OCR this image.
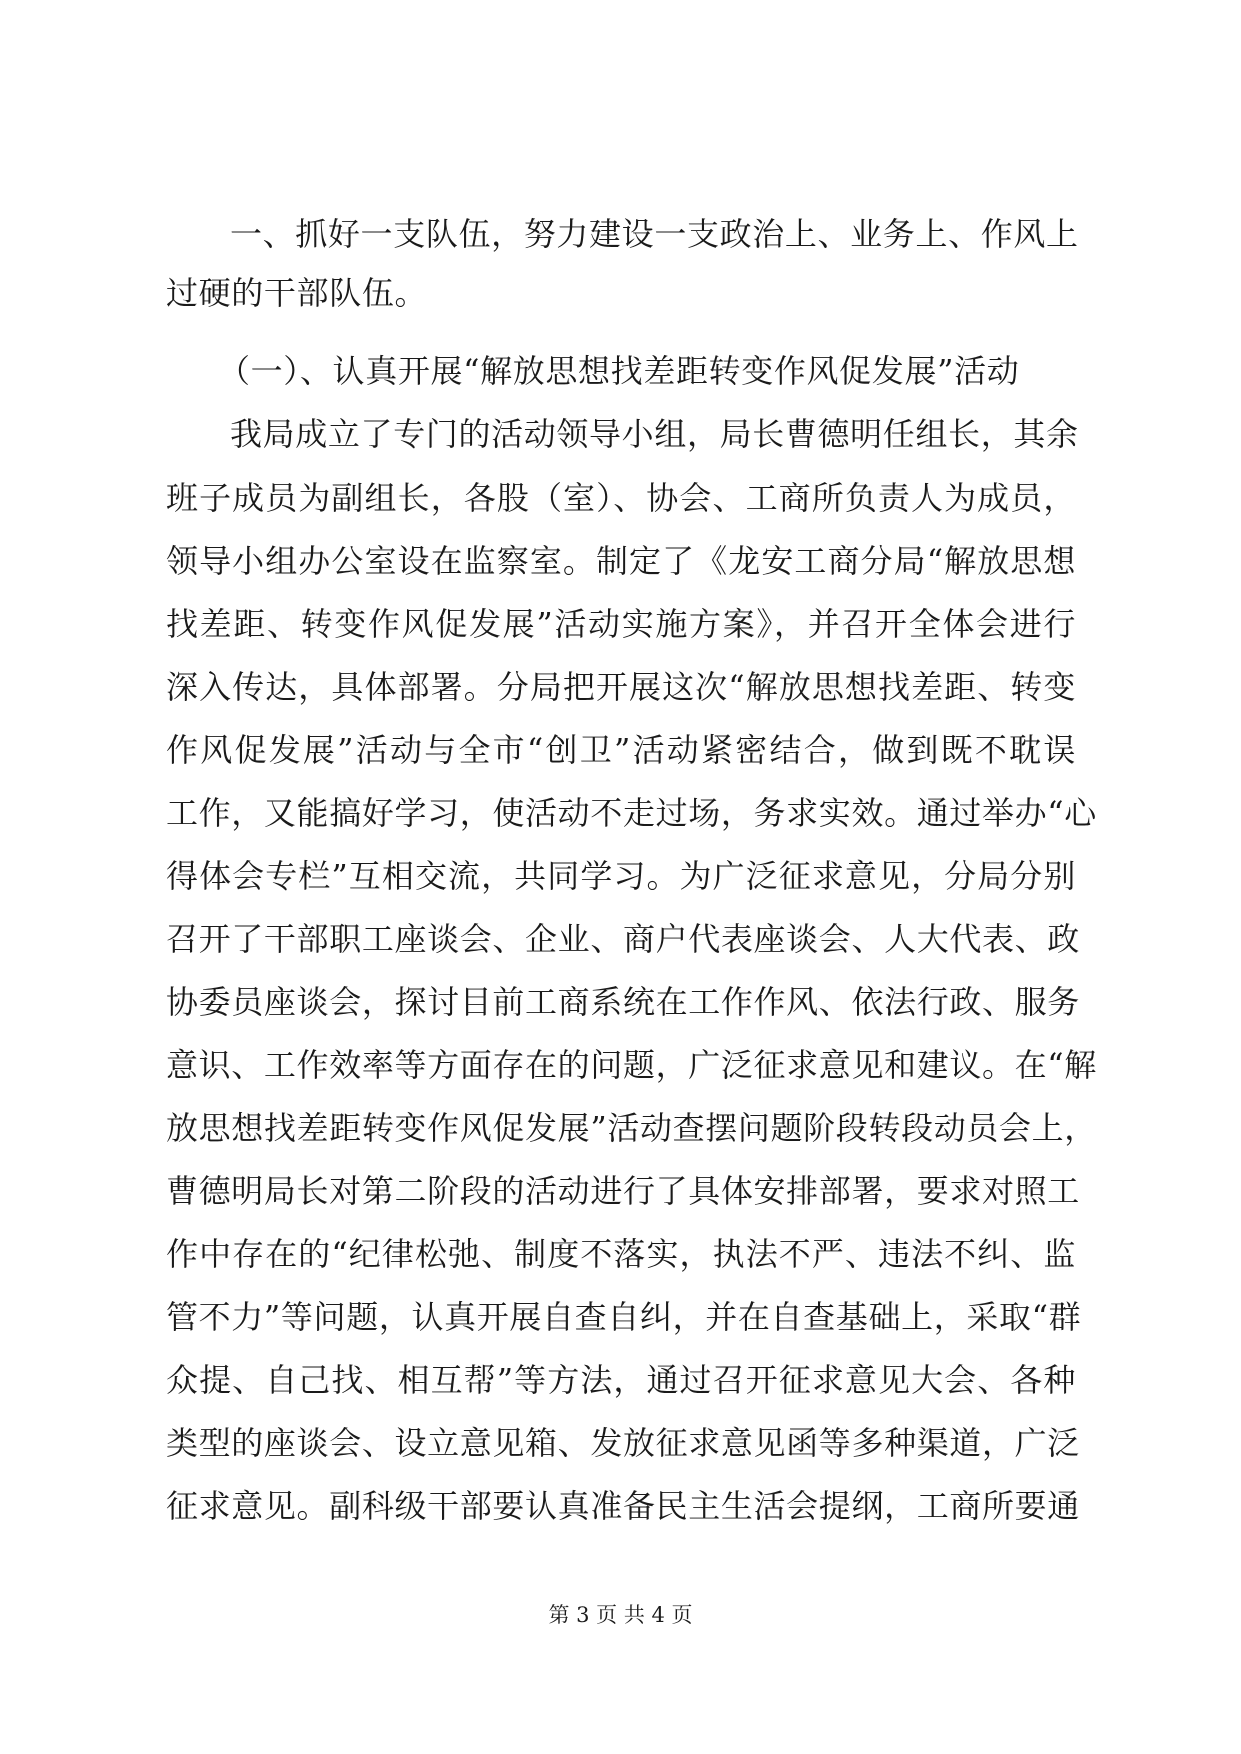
一、抓好一支队伍，努力建设一支政治上、业务上、作风上
过硬的干部队伍。
（一）、认真开展“解放思想找差距转变作风促发展”活动
我局成立了专门的活动领导小组，局长曹德明任组长，其余
班子成员为副组长，各股（室）、协会、工商所负责人为成员，
领导小组办公室设在监察室。制定了《龙安工商分局“解放思想
找差距、转变作风促发展”活动实施方案》，并召开全体会进行
深入传达，具体部署。分局把开展这次“解放思想找差距、转变
作风促发展”活动与全市“创卫”活动紧密结合，做到既不耽误
工作，又能搞好学习，使活动不走过场，务求实效。通过举办“心
得体会专栏”互相交流，共同学习。为广泛征求意见，分局分别
召开了干部职工座谈会、企业、商户代表座谈会、人大代表、政
协委员座谈会，探讨目前工商系统在工作作风、依法行政、服务
意识、工作效率等方面存在的问题，广泛征求意见和建议。在“解
放思想找差距转变作风促发展”活动查摆问题阶段转段动员会上，
曹德明局长对第二阶段的活动进行了具体安排部署，要求对照工
作中存在的“纪律松弛、制度不落实，执法不严、违法不纠、监
管不力”等问题，认真开展自查自纠，并在自查基础上，采取“群
众提、自己找、相互帮”等方法，通过召开征求意见大会、各种
类型的座谈会、设立意见箱、发放征求意见函等多种渠道，广泛
征求意见。副科级干部要认真准备民主生活会提纲，工商所要通
第 3 页 共 4 页
